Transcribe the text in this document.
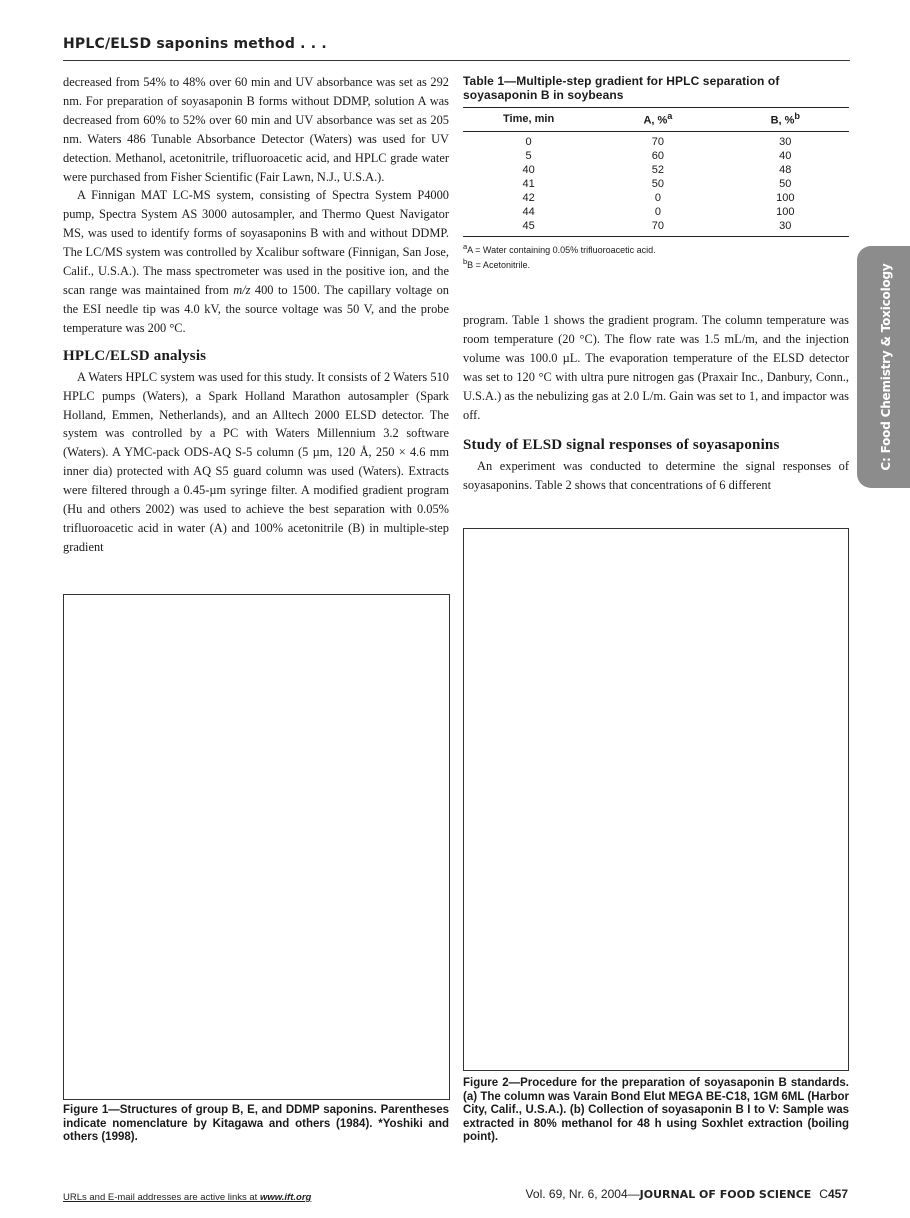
HPLC/ELSD saponins method . . .

decreased from 54% to 48% over 60 min and UV absorbance was set as 292 nm. For preparation of soyasaponin B forms without DDMP, solution A was decreased from 60% to 52% over 60 min and UV absorbance was set as 205 nm. Waters 486 Tunable Absorbance Detector (Waters) was used for UV detection. Methanol, acetonitrile, trifluoroacetic acid, and HPLC grade water were purchased from Fisher Scientific (Fair Lawn, N.J., U.S.A.).

A Finnigan MAT LC-MS system, consisting of Spectra System P4000 pump, Spectra System AS 3000 autosampler, and Thermo Quest Navigator MS, was used to identify forms of soyasaponins B with and without DDMP. The LC/MS system was controlled by Xcalibur software (Finnigan, San Jose, Calif., U.S.A.). The mass spectrometer was used in the positive ion, and the scan range was maintained from m/z 400 to 1500. The capillary voltage on the ESI needle tip was 4.0 kV, the source voltage was 50 V, and the probe temperature was 200 °C.

HPLC/ELSD analysis

A Waters HPLC system was used for this study. It consists of 2 Waters 510 HPLC pumps (Waters), a Spark Holland Marathon autosampler (Spark Holland, Emmen, Netherlands), and an Alltech 2000 ELSD detector. The system was controlled by a PC with Waters Millennium 3.2 software (Waters). A YMC-pack ODS-AQ S-5 column (5 µm, 120 Å, 250 × 4.6 mm inner dia) protected with AQ S5 guard column was used (Waters). Extracts were filtered through a 0.45-µm syringe filter. A modified gradient program (Hu and others 2002) was used to achieve the best separation with 0.05% trifluoroacetic acid in water (A) and 100% acetonitrile (B) in multiple-step gradient

Table 1—Multiple-step gradient for HPLC separation of soyasaponin B in soybeans
Time, min	A, %$^a$	B, %$^b$
0	70	30
5	60	40
40	52	48
41	50	50
42	0	100
44	0	100
45	70	30
$^a$A = Water containing 0.05% trifluoroacetic acid.
$^b$B = Acetonitrile.

program. Table 1 shows the gradient program. The column temperature was room temperature (20 °C). The flow rate was 1.5 mL/m, and the injection volume was 100.0 µL. The evaporation temperature of the ELSD detector was set to 120 °C with ultra pure nitrogen gas (Praxair Inc., Danbury, Conn., U.S.A.) as the nebulizing gas at 2.0 L/m. Gain was set to 1, and impactor was off.

Study of ELSD signal responses of soyasaponins

An experiment was conducted to determine the signal responses of soyasaponins. Table 2 shows that concentrations of 6 different

Figure 1—Structures of group B, E, and DDMP saponins. Parentheses indicate nomenclature by Kitagawa and others (1984). *Yoshiki and others (1998).
Figure 2—Procedure for the preparation of soyasaponin B standards. (a) The column was Varain Bond Elut MEGA BE-C18, 1GM 6ML (Harbor City, Calif., U.S.A.). (b) Collection of soyasaponin B I to V: Sample was extracted in 80% methanol for 48 h using Soxhlet extraction (boiling point).
C: Food Chemistry & Toxicology
URLs and E-mail addresses are active links at www.ift.org	Vol. 69, Nr. 6, 2004—JOURNAL OF FOOD SCIENCE C457
